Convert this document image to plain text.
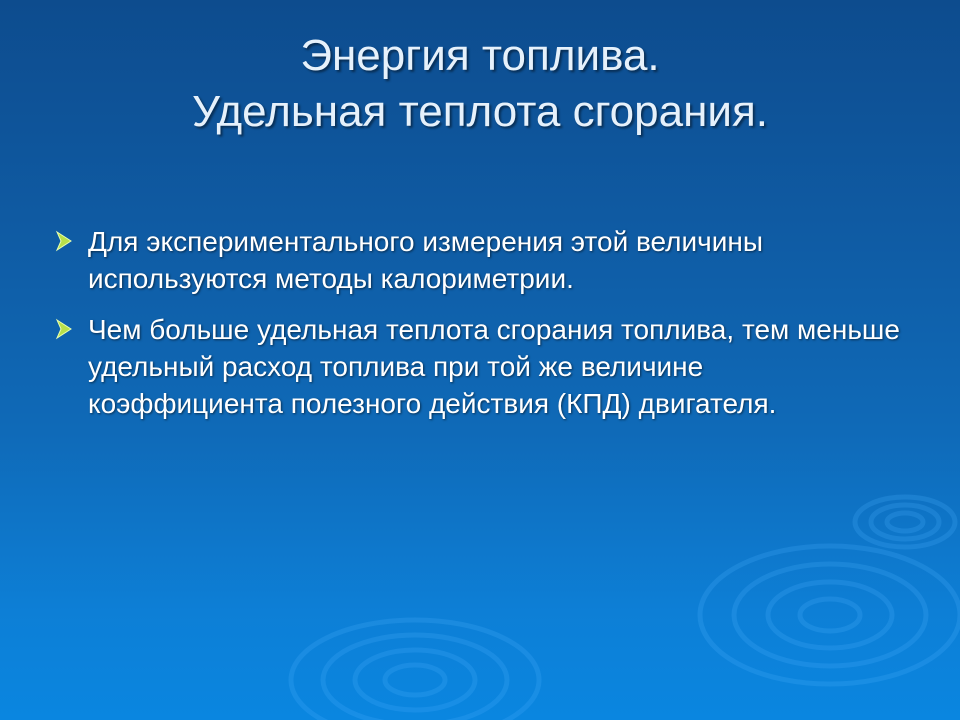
Энергия топлива.
Удельная теплота сгорания.
Для экспериментального измерения этой величины используются методы калориметрии.
Чем больше удельная теплота сгорания топлива, тем меньше удельный расход топлива при той же величине коэффициента полезного действия (КПД) двигателя.
